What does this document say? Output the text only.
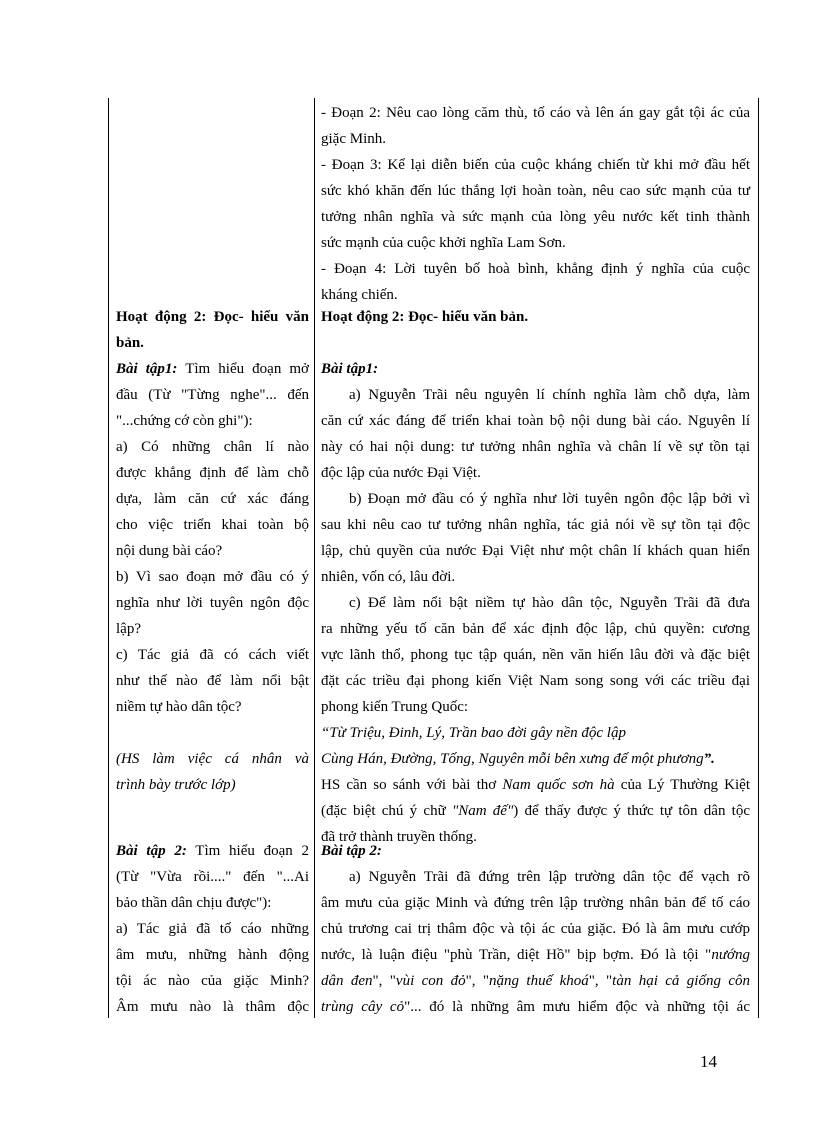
Hoạt động 2: Đọc- hiểu văn
bản.
Bài tập1: Tìm hiểu đoạn mở
đầu (Từ "Từng nghe"... đến
"...chứng cớ còn ghi"):
a) Có những chân lí nào
được khẳng định để làm chỗ
dựa, làm căn cứ xác đáng
cho việc triển khai toàn bộ
nội dung bài cáo?
b) Vì sao đoạn mở đầu có ý
nghĩa như lời tuyên ngôn độc
lập?
c) Tác giả đã có cách viết
như thế nào để làm nổi bật
niềm tự hào dân tộc?
(HS làm việc cá nhân và
trình bày trước lớp)
Bài tập 2: Tìm hiểu đoạn 2
(Từ "Vừa rồi...." đến "...Ai
bảo thần dân chịu được"):
a) Tác giả đã tố cáo những
âm mưu, những hành động
tội ác nào của giặc Minh?
Âm mưu nào là thâm độc
- Đoạn 2: Nêu cao lòng căm thù, tố cáo và lên án gay gắt tội ác của
giặc Minh.
- Đoạn 3: Kể lại diễn biến của cuộc kháng chiến từ khi mở đầu hết
sức khó khăn đến lúc thắng lợi hoàn toàn, nêu cao sức mạnh của tư
tưởng nhân nghĩa và sức mạnh của lòng yêu nước kết tinh thành
sức mạnh của cuộc khởi nghĩa Lam Sơn.
- Đoạn 4: Lời tuyên bố hoà bình, khẳng định ý nghĩa của cuộc
kháng chiến.
Hoạt động 2: Đọc- hiểu văn bản.
Bài tập1:
a) Nguyễn Trãi nêu nguyên lí chính nghĩa làm chỗ dựa, làm
căn cứ xác đáng để triển khai toàn bộ nội dung bài cáo. Nguyên lí
này có hai nội dung: tư tưởng nhân nghĩa và chân lí về sự tồn tại
độc lập của nước Đại Việt.
b) Đoạn mở đầu có ý nghĩa như lời tuyên ngôn độc lập bởi vì
sau khi nêu cao tư tưởng nhân nghĩa, tác giả nói về sự tồn tại độc
lập, chủ quyền của nước Đại Việt như một chân lí khách quan hiển
nhiên, vốn có, lâu đời.
c) Để làm nổi bật niềm tự hào dân tộc, Nguyễn Trãi đã đưa
ra những yếu tố căn bản để xác định độc lập, chủ quyền: cương
vực lãnh thổ, phong tục tập quán, nền văn hiến lâu đời và đặc biệt
đặt các triều đại phong kiến Việt Nam song song với các triều đại
phong kiến Trung Quốc:
“Từ Triệu, Đinh, Lý, Trần bao đời gây nền độc lập
Cùng Hán, Đường, Tống, Nguyên mỗi bên xưng đế một phương”.
HS cần so sánh với bài thơ Nam quốc sơn hà của Lý Thường Kiệt
(đặc biệt chú ý chữ "Nam đế") để thấy được ý thức tự tôn dân tộc
đã trở thành truyền thống.
Bài tập 2:
a) Nguyễn Trãi đã đứng trên lập trường dân tộc để vạch rõ
âm mưu của giặc Minh và đứng trên lập trường nhân bản để tố cáo
chủ trương cai trị thâm độc và tội ác của giặc. Đó là âm mưu cướp
nước, là luận điệu "phù Trần, diệt Hồ" bịp bợm. Đó là tội "nướng
dân đen", "vùi con đỏ", "nặng thuế khoá", "tàn hại cả giống côn
trùng cây cỏ"... đó là những âm mưu hiểm độc và những tội ác
14
